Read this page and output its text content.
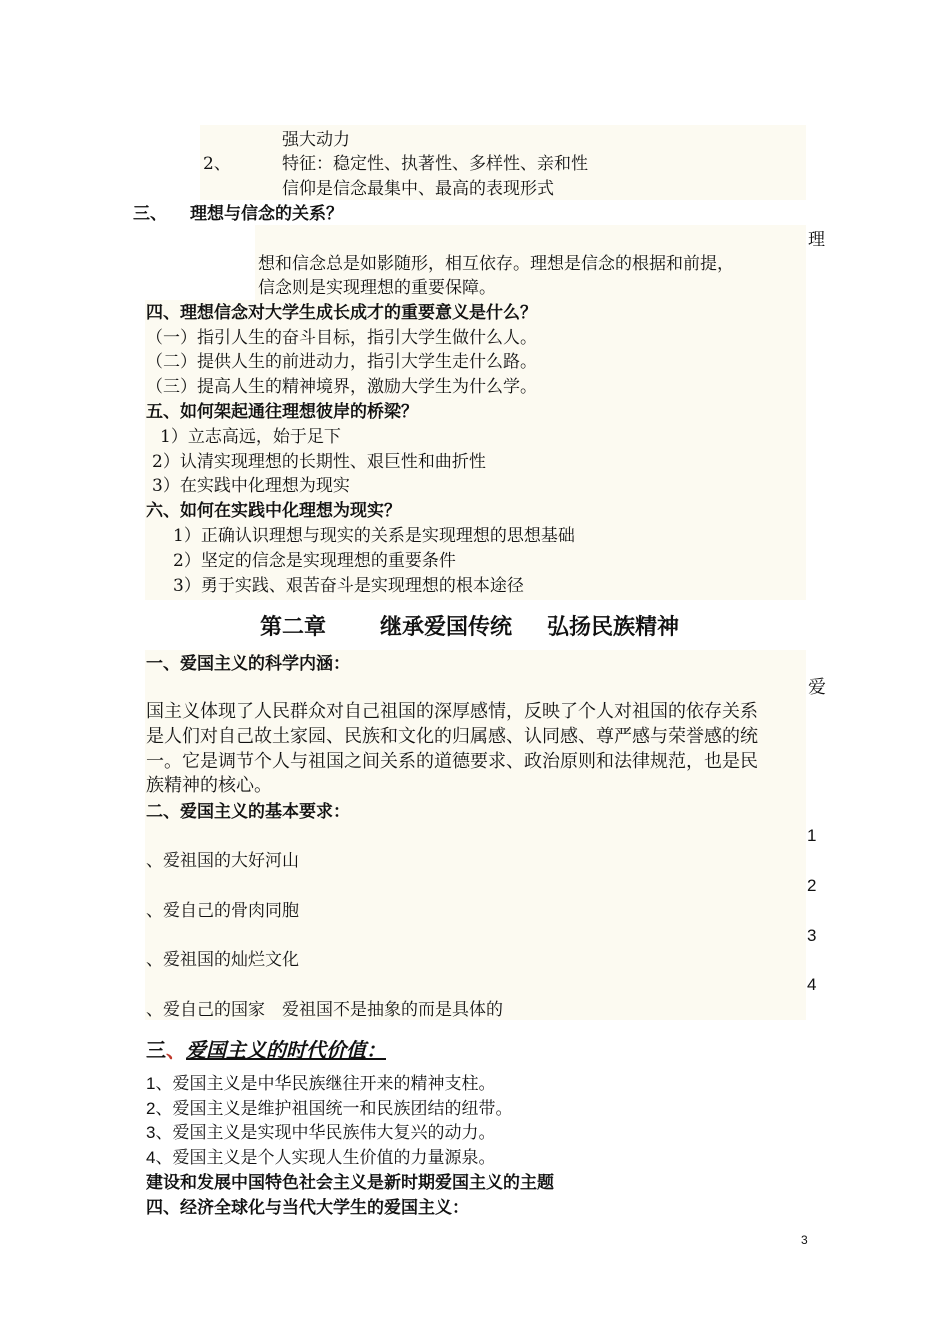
强大动力
2、	特征：稳定性、执著性、多样性、亲和性
信仰是信念最集中、最高的表现形式
三、 理想与信念的关系？
理
想和信念总是如影随形，相互依存。理想是信念的根据和前提，
信念则是实现理想的重要保障。
四、理想信念对大学生成长成才的重要意义是什么？
（一）指引人生的奋斗目标，指引大学生做什么人。
（二）提供人生的前进动力，指引大学生走什么路。
（三）提高人生的精神境界，激励大学生为什么学。
五、如何架起通往理想彼岸的桥梁？
1）立志高远，始于足下
2）认清实现理想的长期性、艰巨性和曲折性
3）在实践中化理想为现实
六、如何在实践中化理想为现实？
1）正确认识理想与现实的关系是实现理想的思想基础
2）坚定的信念是实现理想的重要条件
3）勇于实践、艰苦奋斗是实现理想的根本途径
第二章 继承爱国传统 弘扬民族精神
一、爱国主义的科学内涵：
爱
国主义体现了人民群众对自己祖国的深厚感情，反映了个人对祖国的依存关系
是人们对自己故土家园、民族和文化的归属感、认同感、尊严感与荣誉感的统
一。它是调节个人与祖国之间关系的道德要求、政治原则和法律规范，也是民
族精神的核心。
二、爱国主义的基本要求：
1
、爱祖国的大好河山
2
、爱自己的骨肉同胞
3
、爱祖国的灿烂文化
4
、爱自己的国家　爱祖国不是抽象的而是具体的
三、爱国主义的时代价值：
1、爱国主义是中华民族继往开来的精神支柱。
2、爱国主义是维护祖国统一和民族团结的纽带。
3、爱国主义是实现中华民族伟大复兴的动力。
4、爱国主义是个人实现人生价值的力量源泉。
建设和发展中国特色社会主义是新时期爱国主义的主题
四、经济全球化与当代大学生的爱国主义：
3
